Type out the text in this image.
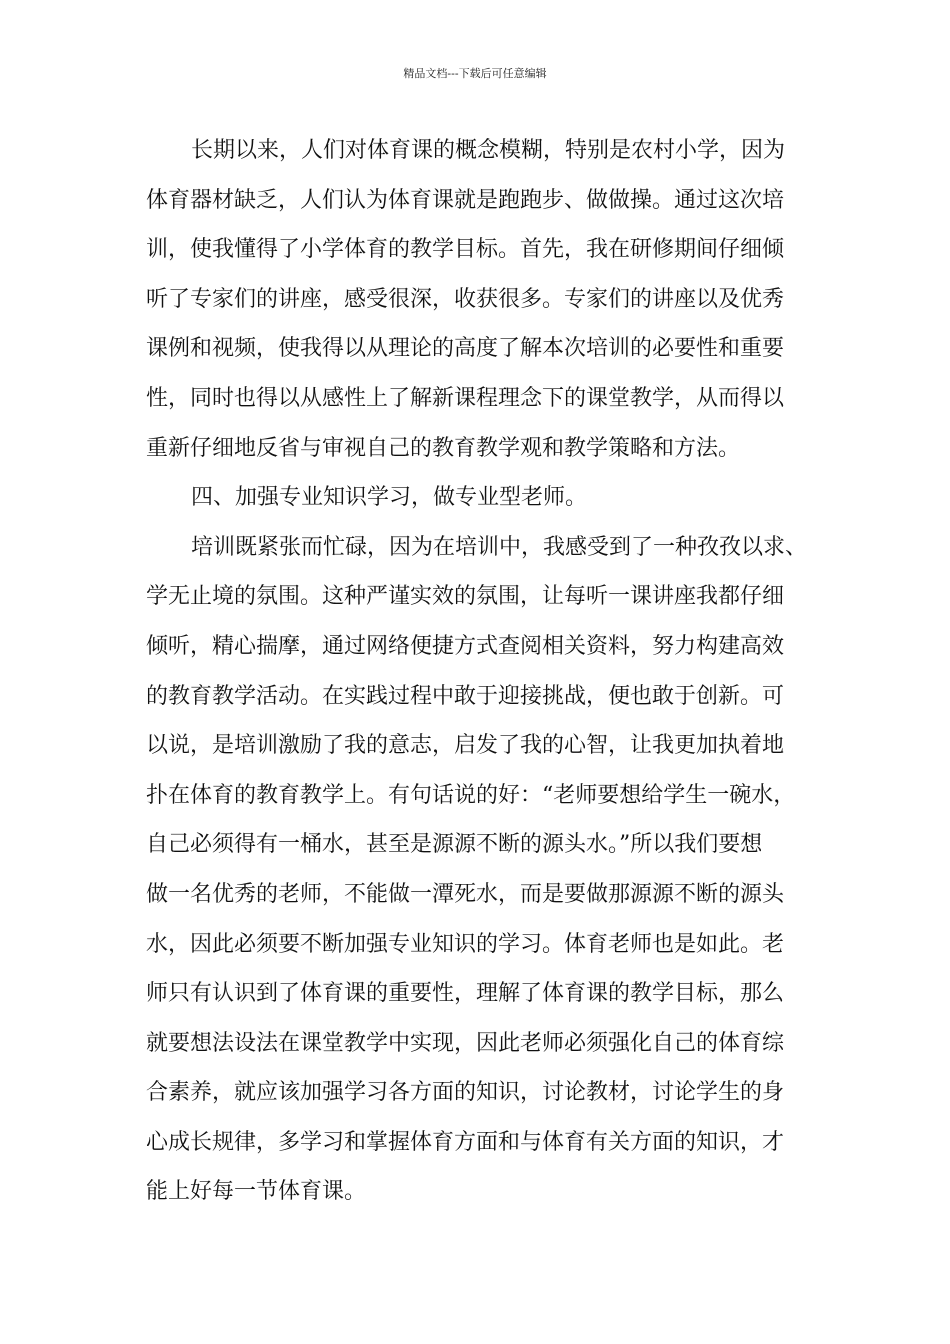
精品文档---下载后可任意编辑
长期以来，人们对体育课的概念模糊，特别是农村小学，因为
体育器材缺乏，人们认为体育课就是跑跑步、做做操。通过这次培
训，使我懂得了小学体育的教学目标。首先，我在研修期间仔细倾
听了专家们的讲座，感受很深，收获很多。专家们的讲座以及优秀
课例和视频，使我得以从理论的高度了解本次培训的必要性和重要
性，同时也得以从感性上了解新课程理念下的课堂教学，从而得以
重新仔细地反省与审视自己的教育教学观和教学策略和方法。
四、加强专业知识学习，做专业型老师。
培训既紧张而忙碌，因为在培训中，我感受到了一种孜孜以求、
学无止境的氛围。这种严谨实效的氛围，让每听一课讲座我都仔细
倾听，精心揣摩，通过网络便捷方式查阅相关资料，努力构建高效
的教育教学活动。在实践过程中敢于迎接挑战，便也敢于创新。可
以说，是培训激励了我的意志，启发了我的心智，让我更加执着地
扑在体育的教育教学上。有句话说的好：“老师要想给学生一碗水，
自己必须得有一桶水，甚至是源源不断的源头水。”所以我们要想
做一名优秀的老师，不能做一潭死水，而是要做那源源不断的源头
水，因此必须要不断加强专业知识的学习。体育老师也是如此。老
师只有认识到了体育课的重要性，理解了体育课的教学目标，那么
就要想法设法在课堂教学中实现，因此老师必须强化自己的体育综
合素养，就应该加强学习各方面的知识，讨论教材，讨论学生的身
心成长规律，多学习和掌握体育方面和与体育有关方面的知识，才
能上好每一节体育课。
